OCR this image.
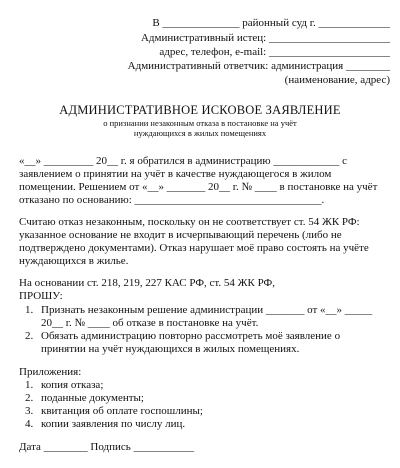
В ______________ районный суд г. _____________
Административный истец: ______________________
адрес, телефон, e-mail: ______________________
Административный ответчик: администрация ________
(наименование, адрес)
АДМИНИСТРАТИВНОЕ ИСКОВОЕ ЗАЯВЛЕНИЕ
о признании незаконным отказа в постановке на учёт
нуждающихся в жилых помещениях
«__» _________ 20__ г. я обратился в администрацию ____________ с
заявлением о принятии на учёт в качестве нуждающегося в жилом
помещении. Решением от «__» _______ 20__ г. № ____ в постановке на учёт
отказано по основанию: __________________________________.
Считаю отказ незаконным, поскольку он не соответствует ст. 54 ЖК РФ:
указанное основание не входит в исчерпывающий перечень (либо не
подтверждено документами). Отказ нарушает моё право состоять на учёте
нуждающихся в жилье.
На основании ст. 218, 219, 227 КАС РФ, ст. 54 ЖК РФ,
ПРОШУ:
1. Признать незаконным решение администрации _______ от «__» _____
20__ г. № ____ об отказе в постановке на учёт.
2. Обязать администрацию повторно рассмотреть моё заявление о
принятии на учёт нуждающихся в жилых помещениях.
Приложения:
1. копия отказа;
2. поданные документы;
3. квитанция об оплате госпошлины;
4. копии заявления по числу лиц.
Дата ________ Подпись ___________
